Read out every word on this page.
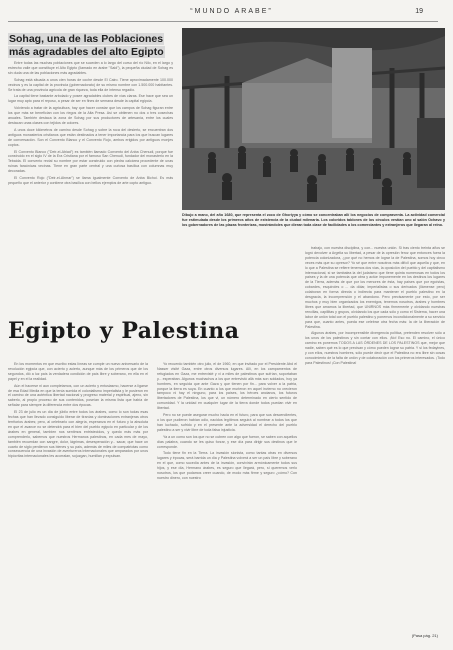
“MUNDO ARABE”	19
Sohag, una de las Poblaciones
más agradables del alto Egipto

Entre todas las muchas poblaciones que se suceden a lo largo del curso del río Nilo, en el largo y estrecho valle que constituye el Alto Egipto (llamado en árabe "Said"), la pequeña ciudad de Sohag es sin duda una de las poblaciones más agradables.

Sohag está situada a unos cien horas de coche desde El Cairo. Tiene aproximadamente 100.000 vecinos y es la capital de la provincia (gobernadorato) de su mismo nombre con 1.500.000 habitantes. Se trata de una provincia agrícola de gran riqueza, toda ella de intenso regadío.

La capital tiene bastante arbolado y posee agradables clubes de vías claras. Ese hace que sea un lugar muy apto para el reposo, a pesar de ser en fines de semana desde la capital egipcia.

Volviendo a tratar de la agricultura, hay que hacer constar que los campos de Sohag figuran entre los que más se benefician con los riegos de la Alta Presa. Así se obtienen no dos o tres cosechas anuales. También destaca la zona de Sohag por sus productores de artesanía, entre los cuales destacan unas clases con tejidos de colores.

A unos doce kilómetros de camino desde Sohag y sobre la roca del desierto, se encuentran dos antiguos monasterios cristianos que están destinados a tener importancia para los que buscan lugares de conversación. Son el Convento Blanco y el Convento Rojo, ambos erigidos por antiguos monjes coptos.

El Convento Blanco ("Deir-el-Abiad") es también llamado Convento del Anba Chenudi, porque fue construido en el siglo IV de la Era Cristiana por el famoso San Chenudi, fundador del monasterio en la Tebaida. El convento rectal su nombre por estar construido con piedra calcárea procedente de unas ruinas faraónicas vecinas. Tiene en gran parte central y una curiosa basílica con columnas muy decoradas.

El Convento Rojo ("Deir-el-Ahmar") se llama igualmente Convento de Anba Bichoi. Es más pequeño que el anterior y contiene otra basílica con bellos ejemplos de arte copto antiguo.

Dibujo a mano, del año 1680, que representa el zoco de Ghoriyya y cómo se concentraban allí los negocios de compraventa. La actividad comercial fue estimulada desde los primeros años de existencia de la ciudad milenaria. Los coloridos tablones de los círculos vestían uno al salón Ochavo y los gobernadores de las plazas fronterizas, mostrándoles que dieran toda clase de facilidades a los comerciantes y extranjeros que llegaran al reino.

trabajo, con nuestra disciplina, y con... nuestra unión. Si tras ciento treinta años se logró devolver a Argelia su libertad, a pesar de la opresión feroz que entonces fuera la potencia colonizadora, ¿por qué no hemos de lograr la de Palestina, somos hoy cinco veces más que su opresor? Yo sé que entre nosotros más difícil que aquella y que, en lo que a Palestina se refiere tenemos dos vías, la oposición del pueblo y del capitalismo internacional, si se tambalea la del judaísmo que tiene quinta numerosas en todos los países y la de una potencia que obra y actúe impunemente en los destinos los lugares de la Tierra, además de que por los menores de ésta, hay países que por egoístas, cobardes, esquiroles o ... da dólar, imperialistas o sus derivados (llámense pero) colaboran en forma directa o indirecta para mantener el pueblo palestino en la desgracia, la incomprensión y el abandono. Pero precisamente por esto, por ser muchos y muy bien organizados los enemigos, tenemos nosotros, árabes y hombres libres que amamos la libertad, que UNIRNOS más firmemente y olvidando nuestras rencillas, capillitas y grupos, olvidando los que cada sólo y como el Sistema, hacer una labor de unión total con el pueblo palestino y ponernos incondicionalmente a su servicio para que, cuanto antes, pueda ese celebrar otra fecha más: la de la liberación de Palestina.

Algunos árabes, por incomprensible divergencia política, pretenden resolver sólo a los unos de los palestinos y sin contar con ellos. ¡No! Eso no. El camino, el único camino es ponernos TODOS A LAS ÓRDENES DE LOS PALESTINOS que, mejor que nadie, saben qué es lo que precisan y cómo pueden lograr su patria. Y si los fedayines, y con ellos, nuestros hombres, sólo puede decir que el Palestina no era libre sin cosas conocimiento de la falta de unión y de colaboración con los primeros interesados. ¡Todo para Palestinos! ¡Con Palestina!

Egipto y Palestina

En los momentos en que escribo estas líneas se cumple un nuevo aniversario de la revolución egipcia que, con acierto y acierto, aunque más de los primeros que de los segundos, dió a luz país la verdadera condición de país libre y soberano, en ella en el papel y en el la realidad.

Aún el hacerse ni aun completamos, con un acierto y entusiasmo, hacerse a ligarse de esa Edad Media en que la tenía sumida el colonialismo imperialista y le pusieron en el camino de una auténtica libertad nacional y progreso material y espiritual, ajeno, sin saberlo, al propio proceso de sus contenidos, poseían la misma lista que había de señalar para siempre la diferencia entre dos épocas.

El 23 de julio es un día de júbilo entre todos los árabes, como lo son todas esas fechas que han llevado consiguido liberar de tiranías y dominaciones extranjeras otros territorios árabes; pero, al celebrarlo con alegría, esperanza en el futuro y la absoluta en que el avance no se detendrá para el bien del pueblo egipcio en particular y de los árabes en general, tambien nos sentimos entristecidos, y quedo más más por comprenderlo, sabemos que nuestros Hermanos palestinos, en cada mes de mayo, también recuerdan con sangre, dolor, lágrimas, desesperación y... sacar, que hace un cuarto de siglo perdieron sus bienes y su país, además de miles de compatriotas como consecuencia de una invasión de aventureros internacionales que amparados por unos hipócritas internacionales les acorralan, sojuzgan, humillan y expulsan.

Yo recuerdo también otro julio, el de 1960, en que invitado por el Presidente Abd el Nasser visité Gaza, entre otros diversos lugares. Allí, en los campamentos de refugiados en Gaza, me entrevisté y vi a miles de palestinos que sufrían, soportaban y... esperaban. Algunos muchachos a los que entrevistó allá más son soldados, hoy ya hombres, en seguida que ante Gaza y que tienen por fin... para volver a la patria, porque la tierra es suya. En cuanto a los que murieron en aquel invierno no crecieron tampoco ni hay el ninguno, para los países, los héroes ancianos, los futuros libertadores de Palestina, los que vi, un número determinado en cierto sentido de comunidad. Y la unidad en cualquier lugar de la tierra donde todos puedan vivir en libertad.

Pero no se puede asegurar mucho hacia en el futuro, para que sus descendientes, o los que pudieron habían odio, nacidos legítimos seguirá al nombrar a todos los que han luchado, sufrido y en el presente ante la adversidad el derecho del pueblo palestino a ser y vivir libre de toda falsa injusticia.

Ya a un como son los que no se cubren con algo que fueron, se saben con aquellos días palabra, cuando se les quiso forzar, y ese día para dirigir sus destinos que le corresponde.

Todo tiene fin en la Tierra. La invasión sionista, como tantas otras en diversos lugares y épocas, será barrida un día y Palestina volverá a ser un país libre y soberano en el que, como sucedía antes de la invasión, convivirán armónicamente todos sus hijos, y ese día, Hermano árabes, es seguro que llegará, pero, si queremos verlo nosotros, los que podamos creer cuando, de modo más firme y seguro ¿cómo? Con nuestro dinero, con nuestro

(Pasa pág. 21)
